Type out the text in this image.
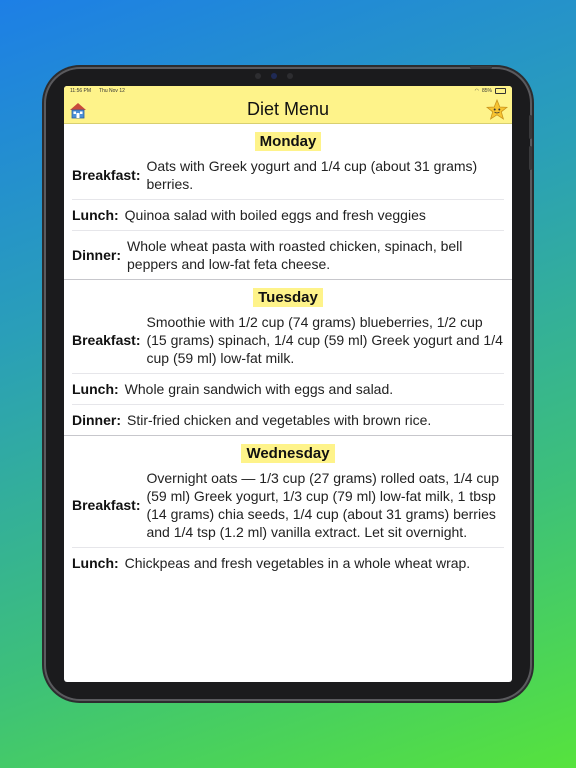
11:56 PM Thu Nov 12	◠ 85%
Diet Menu
Monday
Breakfast:
Oats with Greek yogurt and 1/4 cup (about 31 grams) berries.
Lunch: Quinoa salad with boiled eggs and fresh veggies
Dinner:
Whole wheat pasta with roasted chicken, spinach, bell peppers and low-fat feta cheese.
Tuesday
Breakfast:
Smoothie with 1/2 cup (74 grams) blueberries, 1/2 cup (15 grams) spinach, 1/4 cup (59 ml) Greek yogurt and 1/4 cup (59 ml) low-fat milk.
Lunch: Whole grain sandwich with eggs and salad.
Dinner: Stir-fried chicken and vegetables with brown rice.
Wednesday
Breakfast:
Overnight oats — 1/3 cup (27 grams) rolled oats, 1/4 cup (59 ml) Greek yogurt, 1/3 cup (79 ml) low-fat milk, 1 tbsp (14 grams) chia seeds, 1/4 cup (about 31 grams) berries and 1/4 tsp (1.2 ml) vanilla extract. Let sit overnight.
Lunch: Chickpeas and fresh vegetables in a whole wheat wrap.
